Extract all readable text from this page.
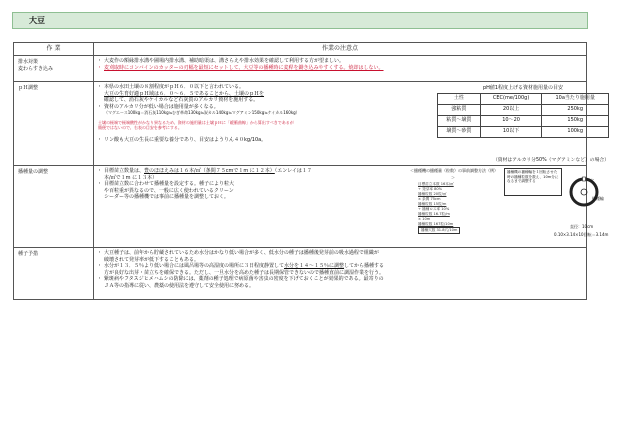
大豆
作 業	作業の注意点

排水対策
麦わらすき込み

・ 大麦作の額縁排水溝や圃場内排水溝、補助暗渠は、溝さらえや排水効果を確認して利用する方が望ましい。
・ 麦刈取時にコンバインのカッターの刃幅を最短にセットして、大豆等の播種時に麦稈を鋤き込みやすくする。焼却はしない。

ｐＨ調整

・本県の水田土壌の８割程度がｐＨ６．０以下と言われている。
大豆の生育好適ｐＨ域は６．０～６．５であることから、土壌のｐＨを
確認して、消石灰やケイカルなど石灰質のアルカリ資材を施用する。
・ 資材のアルカリ分が低い場合は施用量が多くなる。
（マグエース100kg＝消石灰110kg≒むぎ革命130kg≒炭カル140kg≒マグアミン150kg≒ケイカル160kg）
土壌の極端で極端酸性がかなり異なるため、資材の施用量は土壌ｐＨに「緩衝曲線」から算出すべきであるが
簡便ではないので、右表の目安を参考にする。
・ リン酸も大豆の生長に重要な養分であり、目安はようりん４０kg/10a。
pH値1程度上げる資材施用量の目安
土性	CEC(me/100g)	10a当たり施用量
強粘質	20以上	250kg
粘質～壌質	10～20	150kg
壌質～砂質	10以下	100kg
（資材はアルカリ分50%（マグアミンなど）の場合）

播種量の調整

・目標苗立数量は、豊のほほえみは１６本/㎡（条間７５cmで１m に１２本）（エンレイは１７本/㎡で１m に１３本）
・ 目標苗立数に合わせて播種量を設定する。種子により粒大
や百粒重が異なるので、一般に広く使われているクリーン
シーダー等の播種機では事前に播種量を調整しておく。
＜播種機の播種量（粒数）の事前調整方法（例）＞
目標苗立本数 16本/㎡
÷ 発芽率 80%
播種粒数 20粒/㎡
× 条間 75cm
播種粒数 15粒/m
÷ 播種ロス率 10%
播種粒数 16.7粒/m
× 10m
播種粒数 167粒/10m
播種穴数 31.8穴/10m
播種機の播種輪を１回転させた時の播種粒数を数え、10m分になるまで調整する	穴
播種輪
直径：10cm
0.10×3.14×10回転＝3.14m

種子予措

・大豆種子は、前年から貯蔵されているため水分はかなり低い場合が多く、低水分の種子は播種後発芽前の吸水過程で組織が
破壊されて発芽率が低下することもある。
・ 水分が１３．５％より低い場合には風呂場等の高湿度の場所に３日程度静置して水分を１４～１５％に調整してから播種する
方が良好な出芽・苗立ちを確保できる。ただし、一旦水分を高めた種子は長期保管できないので播種直前に調湿作業を行う。
・ 紫斑病やフタスジヒメハムシの防除には、薬剤の種子処理で病原菌や害虫の密度を下げておくことが効果的である。最寄りの
ＪＡ等の指導に従い、農薬の使用法を遵守して安全使用に努める。
